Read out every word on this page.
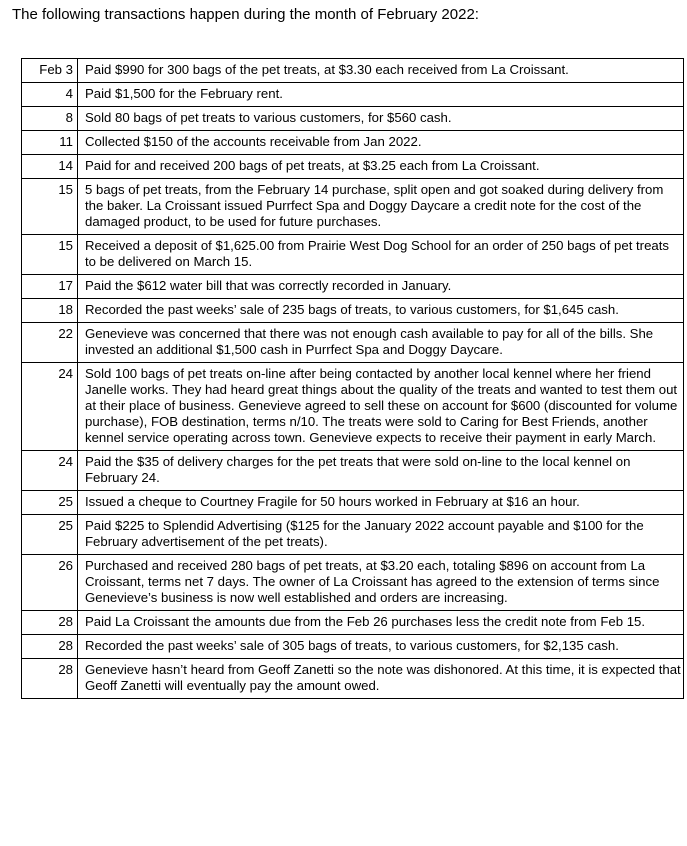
The following transactions happen during the month of February 2022:
Feb 3	Paid $990 for 300 bags of the pet treats, at $3.30 each received from La Croissant.
4	Paid $1,500 for the February rent.
8	Sold 80 bags of pet treats to various customers, for $560 cash.
11	Collected $150 of the accounts receivable from Jan 2022.
14	Paid for and received 200 bags of pet treats, at $3.25 each from La Croissant.
15	5 bags of pet treats, from the February 14 purchase, split open and got soaked during delivery from the baker. La Croissant issued Purrfect Spa and Doggy Daycare a credit note for the cost of the damaged product, to be used for future purchases.
15	Received a deposit of $1,625.00 from Prairie West Dog School for an order of 250 bags of pet treats to be delivered on March 15.
17	Paid the $612 water bill that was correctly recorded in January.
18	Recorded the past weeks’ sale of 235 bags of treats, to various customers, for $1,645 cash.
22	Genevieve was concerned that there was not enough cash available to pay for all of the bills. She invested an additional $1,500 cash in Purrfect Spa and Doggy Daycare.
24	Sold 100 bags of pet treats on-line after being contacted by another local kennel where her friend Janelle works. They had heard great things about the quality of the treats and wanted to test them out at their place of business. Genevieve agreed to sell these on account for $600 (discounted for volume purchase), FOB destination, terms n/10. The treats were sold to Caring for Best Friends, another kennel service operating across town. Genevieve expects to receive their payment in early March.
24	Paid the $35 of delivery charges for the pet treats that were sold on-line to the local kennel on February 24.
25	Issued a cheque to Courtney Fragile for 50 hours worked in February at $16 an hour.
25	Paid $225 to Splendid Advertising ($125 for the January 2022 account payable and $100 for the February advertisement of the pet treats).
26	Purchased and received 280 bags of pet treats, at $3.20 each, totaling $896 on account from La Croissant, terms net 7 days. The owner of La Croissant has agreed to the extension of terms since Genevieve’s business is now well established and orders are increasing.
28	Paid La Croissant the amounts due from the Feb 26 purchases less the credit note from Feb 15.
28	Recorded the past weeks’ sale of 305 bags of treats, to various customers, for $2,135 cash.
28	Genevieve hasn’t heard from Geoff Zanetti so the note was dishonored. At this time, it is expected that Geoff Zanetti will eventually pay the amount owed.
